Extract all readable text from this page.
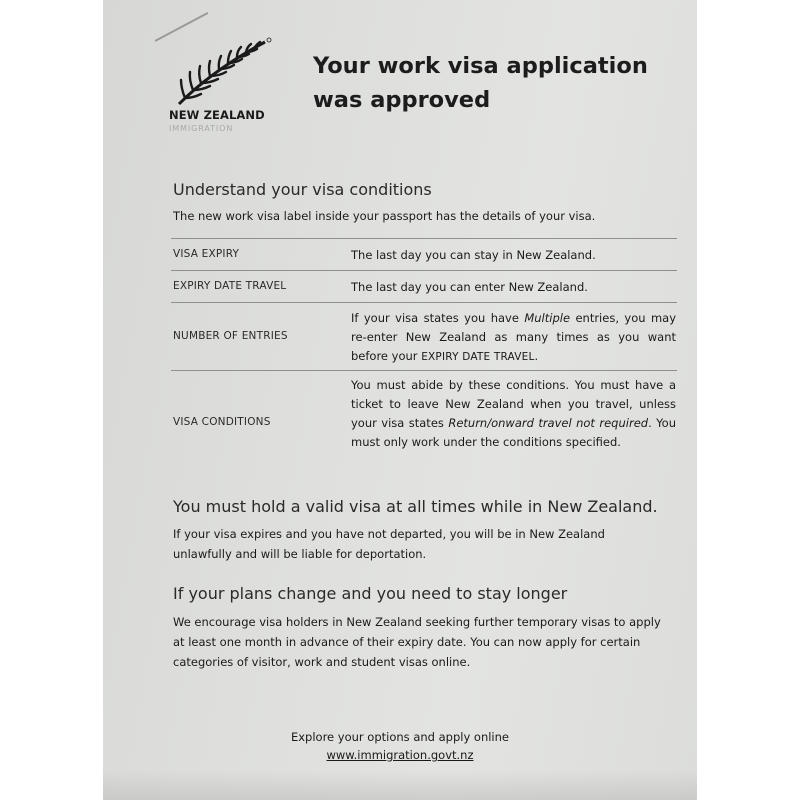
NEW ZEALAND
IMMIGRATION
Your work visa application was approved
Understand your visa conditions

The new work visa label inside your passport has the details of your visa.

VISA EXPIRY	The last day you can stay in New Zealand.

EXPIRY DATE TRAVEL	The last day you can enter New Zealand.

NUMBER OF ENTRIES

If your visa states you have Multiple entries, you may re-enter New Zealand as many times as you want before your EXPIRY DATE TRAVEL.

VISA CONDITIONS

You must abide by these conditions. You must have a ticket to leave New Zealand when you travel, unless your visa states Return/onward travel not required. You must only work under the conditions specified.

You must hold a valid visa at all times while in New Zealand.

If your visa expires and you have not departed, you will be in New Zealand unlawfully and will be liable for deportation.

If your plans change and you need to stay longer

We encourage visa holders in New Zealand seeking further temporary visas to apply at least one month in advance of their expiry date. You can now apply for certain categories of visitor, work and student visas online.

Explore your options and apply online
www.immigration.govt.nz
